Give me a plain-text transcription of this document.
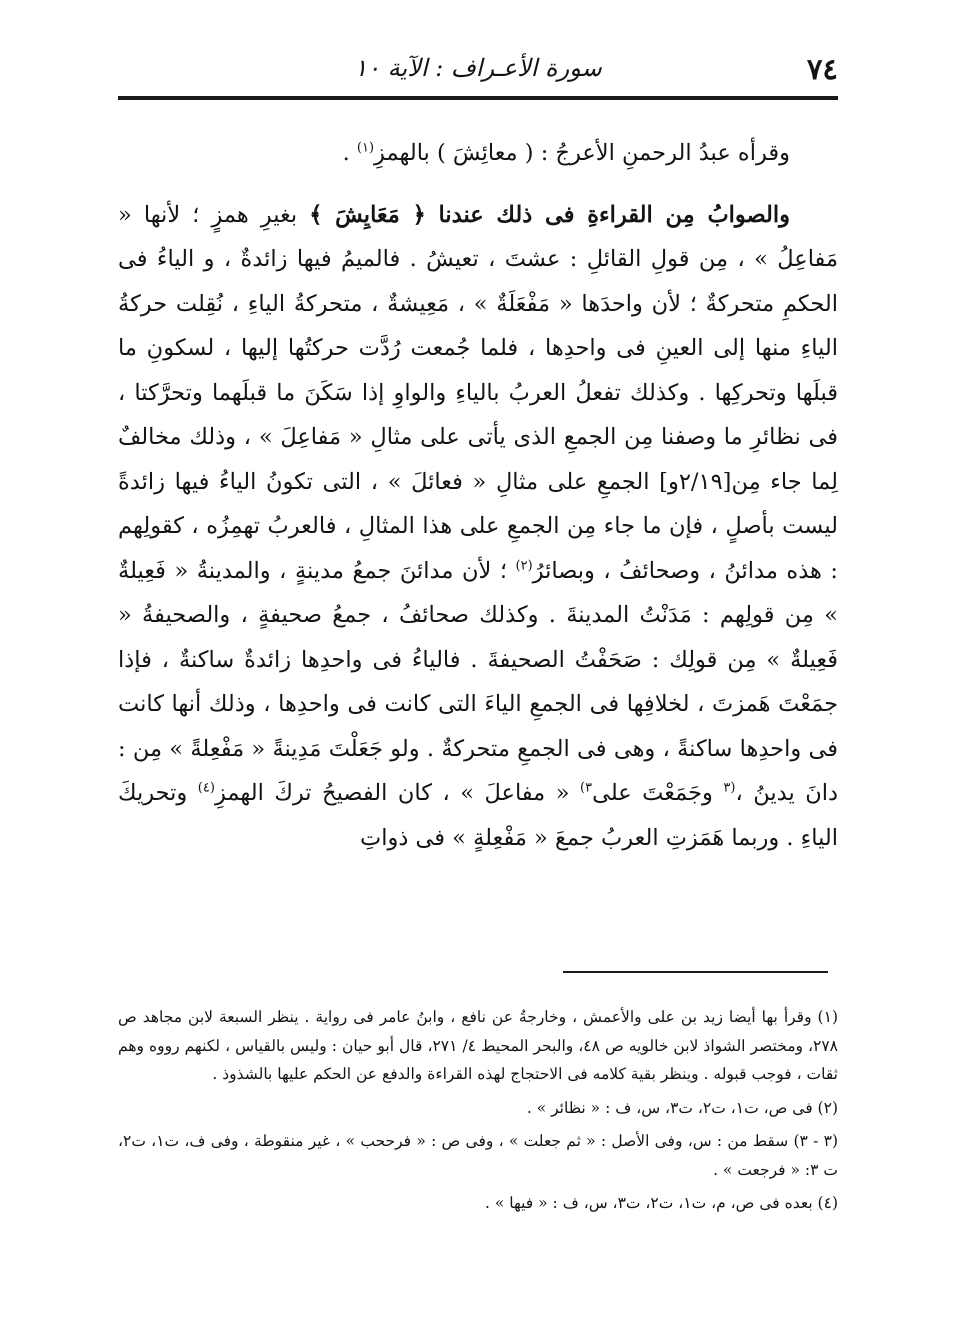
٧٤
سورة الأعـراف : الآية ١٠

وقرأه عبدُ الرحمنِ الأعرجُ : ( معائِشَ ) بالهمزِ$^{(١)}$ .

والصوابُ مِن القراءةِ فى ذلك عندنا ﴿ مَعَايِشَ ﴾ بغيرِ همزٍ ؛ لأنها « مَفاعِلُ » ، مِن قولِ القائلِ : عشتَ ، تعيشُ . فالميمُ فيها زائدةٌ ، و الياءُ فى الحكمِ متحركةٌ ؛ لأن واحدَها « مَفْعَلَةٌ » ، مَعِيشةٌ ، متحركةُ الياءِ ، نُقِلت حركةُ الياءِ منها إلى العينِ فى واحدِها ، فلما جُمعت رُدَّت حركتُها إليها ، لسكونِ ما قبلَها وتحركِها . وكذلك تفعلُ العربُ بالياءِ والواوِ إذا سَكَنَ ما قبلَهما وتحرَّكتا ، فى نظائرِ ما وصفنا مِن الجمعِ الذى يأتى على مثالِ « مَفاعِلَ » ، وذلك مخالفٌ لِما جاء مِن[٢/١٩و] الجمعِ على مثالِ « فعائلَ » ، التى تكونُ الياءُ فيها زائدةً ليست بأصلٍ ، فإن ما جاء مِن الجمعِ على هذا المثالِ ، فالعربُ تهمِزُه ، كقولِهم : هذه مدائنُ ، وصحائفُ ، وبصائرُ$^{(٢)}$ ؛ لأن مدائنَ جمعُ مدينةٍ ، والمدينةُ « فَعِيلةٌ » مِن قولِهم : مَدَنْتُ المدينةَ . وكذلك صحائفُ ، جمعُ صحيفةٍ ، والصحيفةُ « فَعِيلةٌ » مِن قولِك : صَحَفْتُ الصحيفةَ . فالياءُ فى واحدِها زائدةٌ ساكنةٌ ، فإذا جمَعْتَ هَمزتَ ، لخلافِها فى الجمعِ الياءَ التى كانت فى واحدِها ، وذلك أنها كانت فى واحدِها ساكنةً ، وهى فى الجمعِ متحركةٌ . ولو جَعَلْتَ مَدِينةً « مَفْعِلةً » مِن : دانَ يدينُ ،$^{(٣}$ وجَمَعْتَ على$^{٣)}$ « مفاعلَ » ، كان الفصيحُ تركَ الهمزِ$^{(٤)}$ وتحريكَ الياءِ . وربما هَمَزتِ العربُ جمعَ « مَفْعِلةٍ » فى ذواتِ

(١) وقرأ بها أيضا زيد بن على والأعمش ، وخارجةُ عن نافع ، وابنُ عامر فى رواية . ينظر السبعة لابن مجاهد ص ٢٧٨، ومختصر الشواذ لابن خالويه ص ٤٨، والبحر المحيط ٤/ ٢٧١، قال أبو حيان : وليس بالقياس ، لكنهم رووه وهم ثقات ، فوجب قبوله . وينظر بقية كلامه فى الاحتجاج لهذه القراءة والدفع عن الحكم عليها بالشذوذ .

(٢) فى ص، ت١، ت٢، ت٣، س، ف : « نظائر » .

(٣ - ٣) سقط من : س، وفى الأصل : « ثم جعلت » ، وفى ص : « فرححب » ، غير منقوطة ، وفى ف، ت١، ت٢، ت ٣: « فرجعت » .

(٤) بعده فى ص، م، ت١، ت٢، ت٣، س، ف : « فيها » .
